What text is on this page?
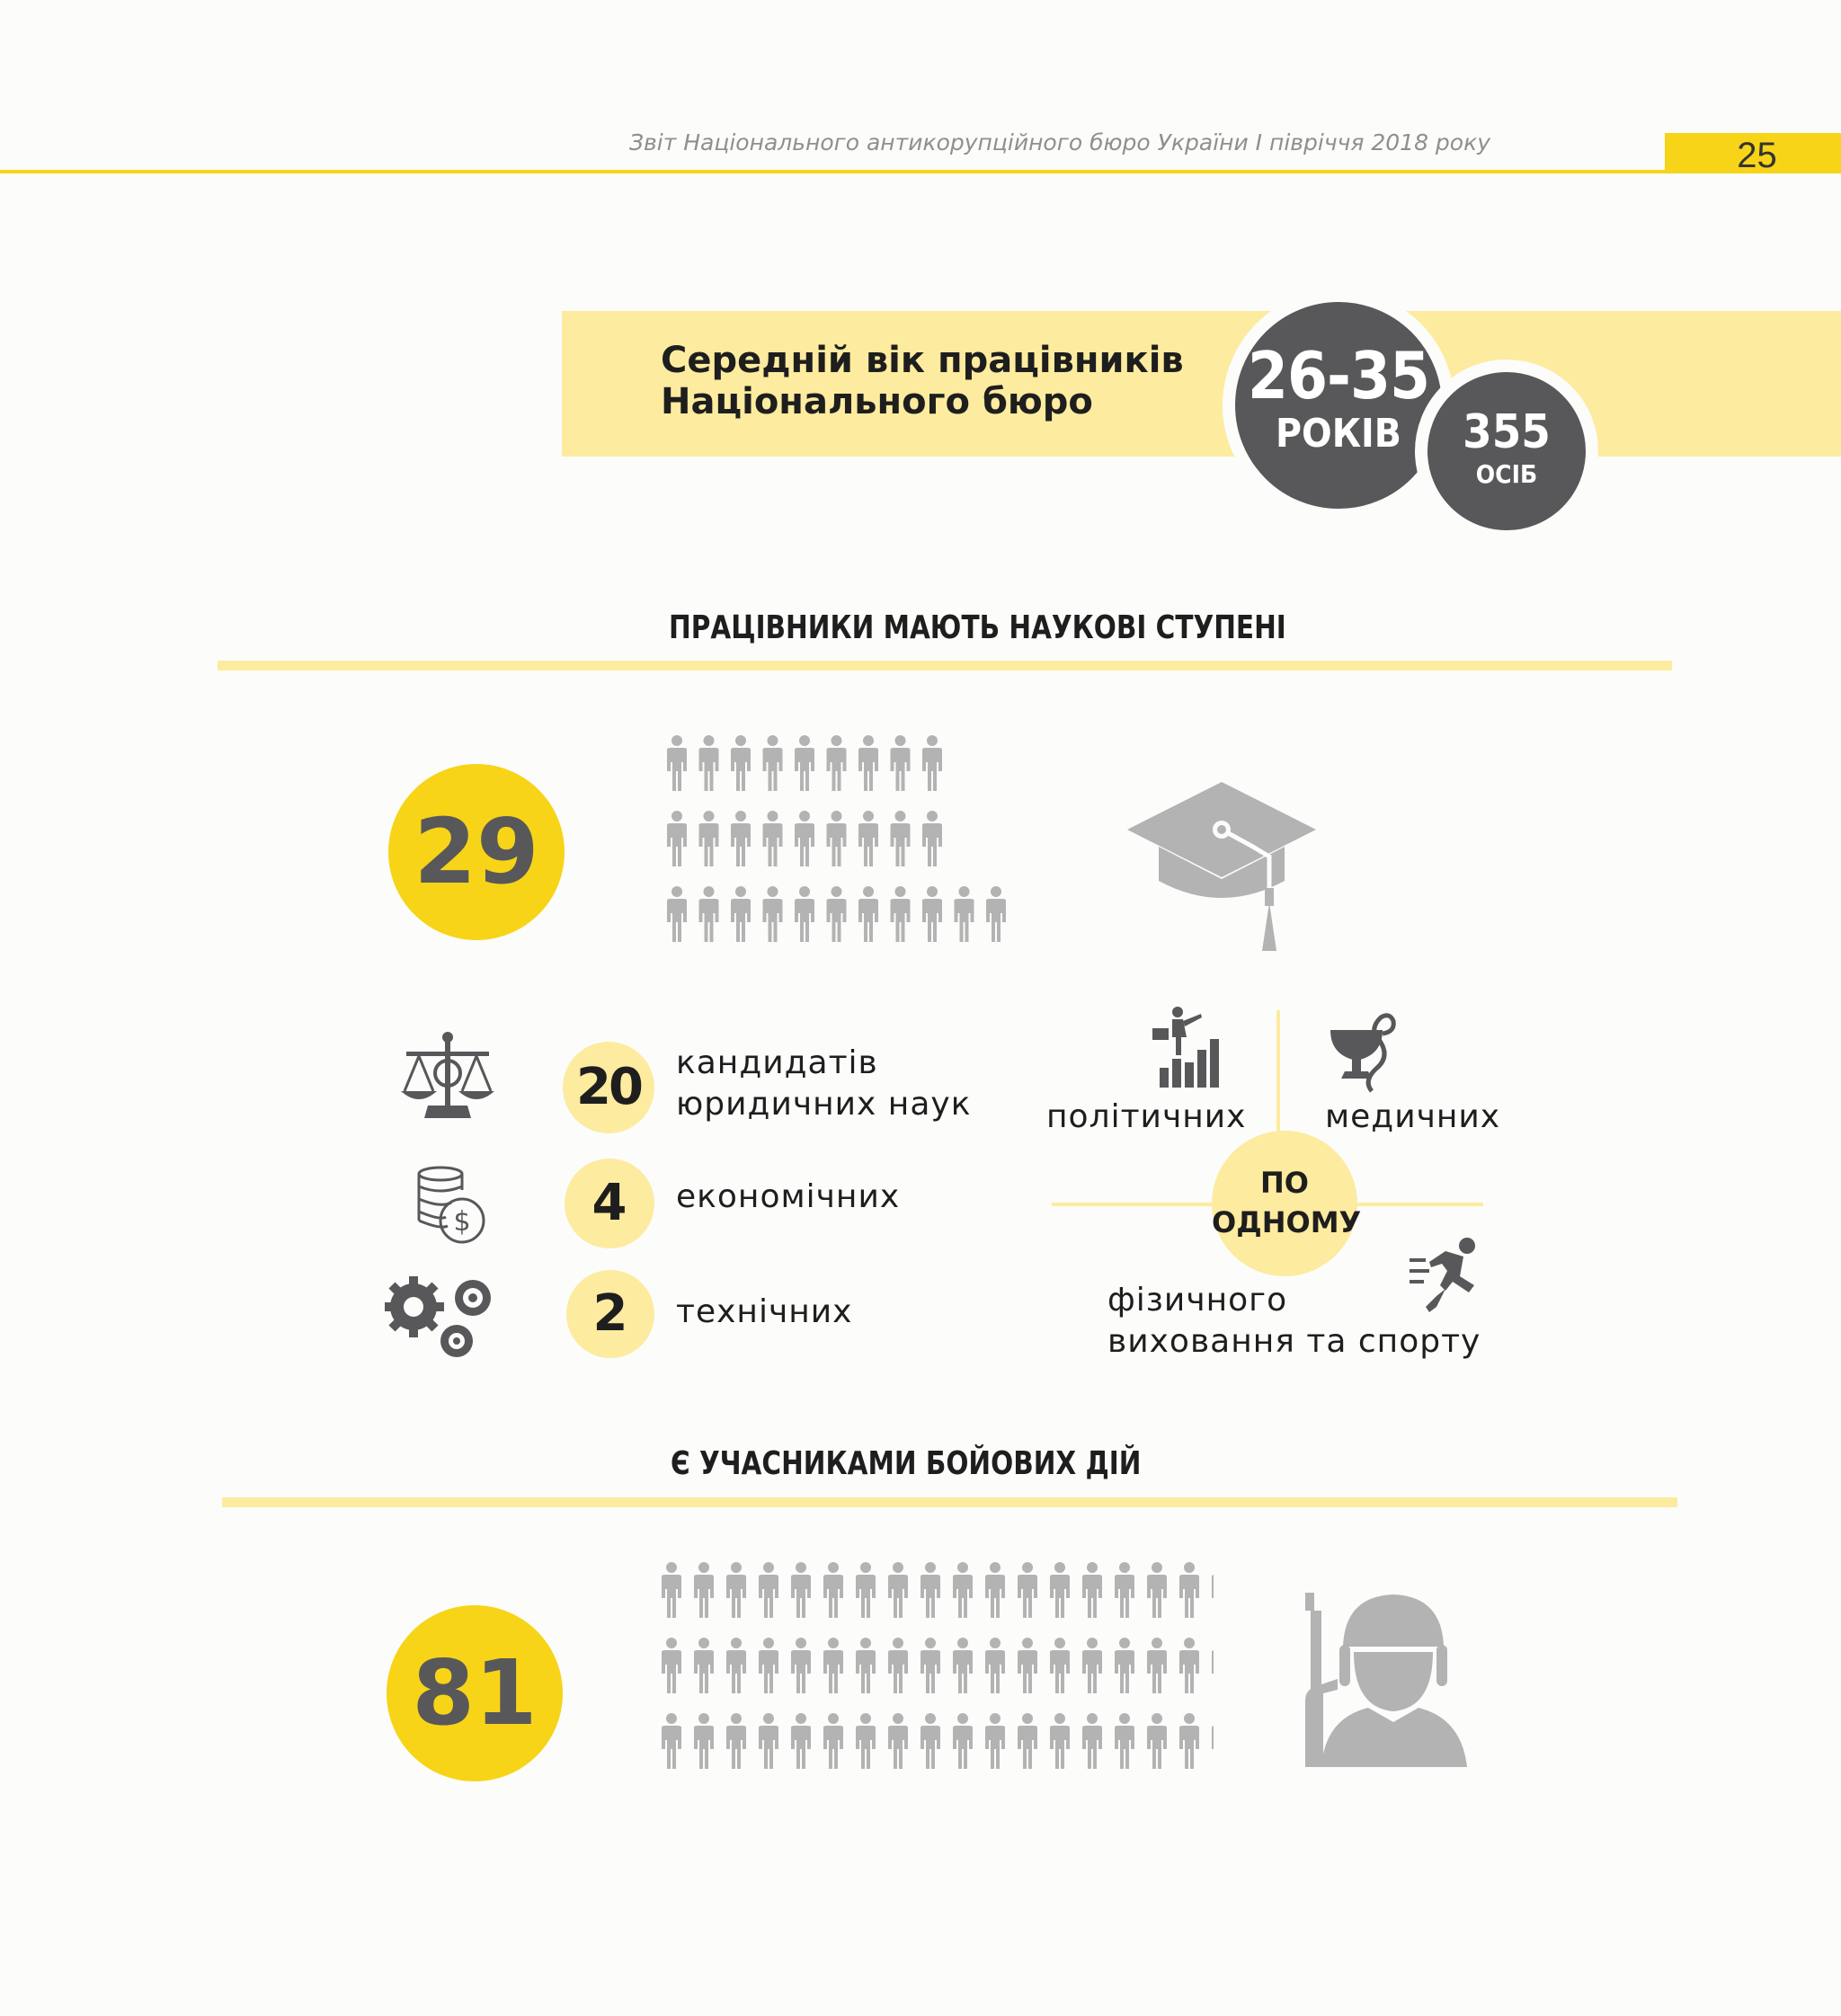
Звіт Національного антикорупційного бюро України І півріччя 2018 року	25
Середній вік працівників
Національного бюро	26-35
РОКІВ	355
ОСІБ
ПРАЦІВНИКИ МАЮТЬ НАУКОВІ СТУПЕНІ
29
$
20
4
2
кандидатів
юридичних наук
економічних
технічних
ПО
ОДНОМУ
політичних медичних
фізичного
виховання та спорту
Є УЧАСНИКАМИ БОЙОВИХ ДІЙ
81
